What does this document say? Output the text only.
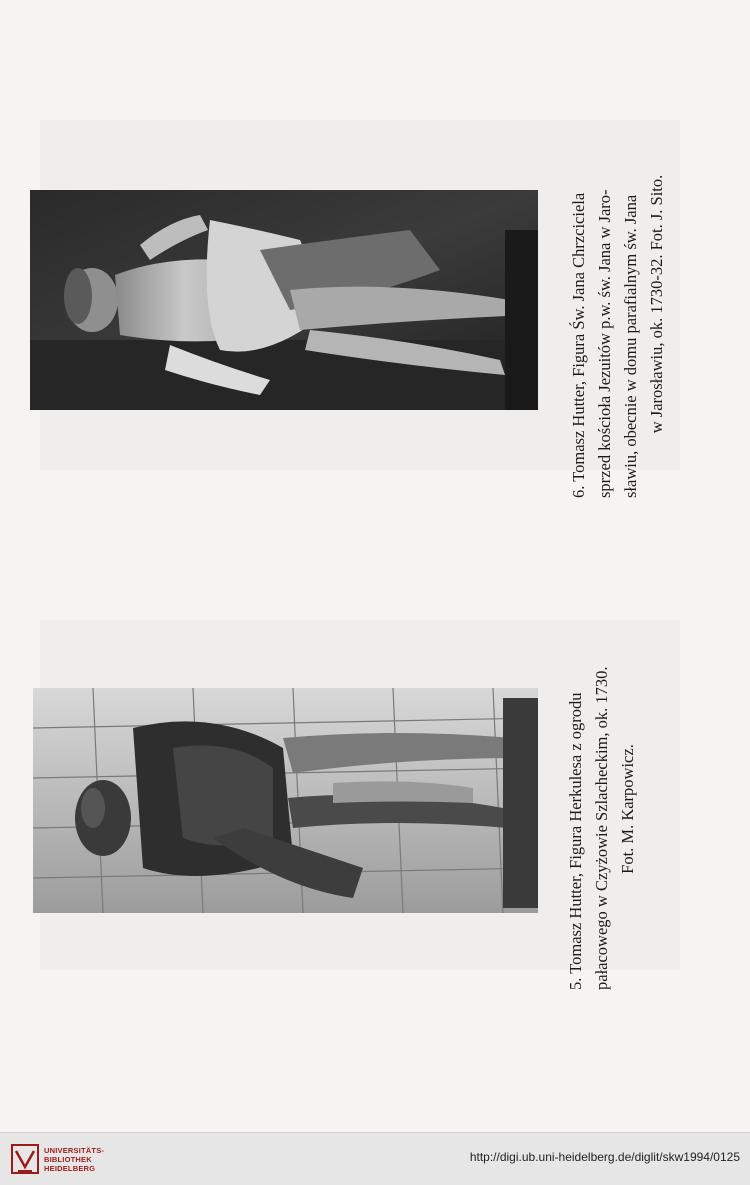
6. Tomasz Hutter, Figura Św. Jana Chrzciciela sprzed kościoła Jezuitów p.w. św. Jana w Jaro- sławiu, obecnie w domu parafialnym św. Jana w Jarosławiu, ok. 1730-32. Fot. J. Sito.
5. Tomasz Hutter, Figura Herkulesa z ogrodu pałacowego w Czyżowie Szlacheckim, ok. 1730. Fot. M. Karpowicz.
UNIVERSITÄTS-
BIBLIOTHEK
HEIDELBERG
http://digi.ub.uni-heidelberg.de/diglit/skw1994/0125
